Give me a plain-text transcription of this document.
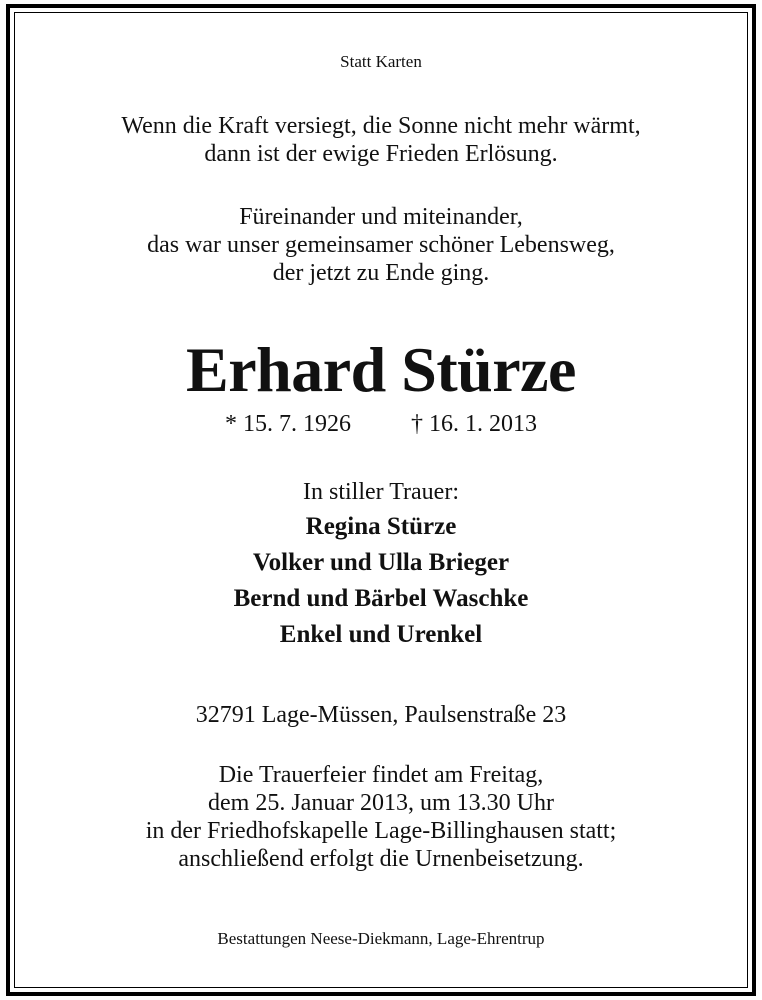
Statt Karten
Wenn die Kraft versiegt, die Sonne nicht mehr wärmt,
dann ist der ewige Frieden Erlösung.
Füreinander und miteinander,
das war unser gemeinsamer schöner Lebensweg,
der jetzt zu Ende ging.
Erhard Stürze
* 15. 7. 1926	† 16. 1. 2013
In stiller Trauer:
Regina Stürze
Volker und Ulla Brieger
Bernd und Bärbel Waschke
Enkel und Urenkel
32791 Lage-Müssen, Paulsenstraße 23
Die Trauerfeier findet am Freitag,
dem 25. Januar 2013, um 13.30 Uhr
in der Friedhofskapelle Lage-Billinghausen statt;
anschließend erfolgt die Urnenbeisetzung.
Bestattungen Neese-Diekmann, Lage-Ehrentrup
